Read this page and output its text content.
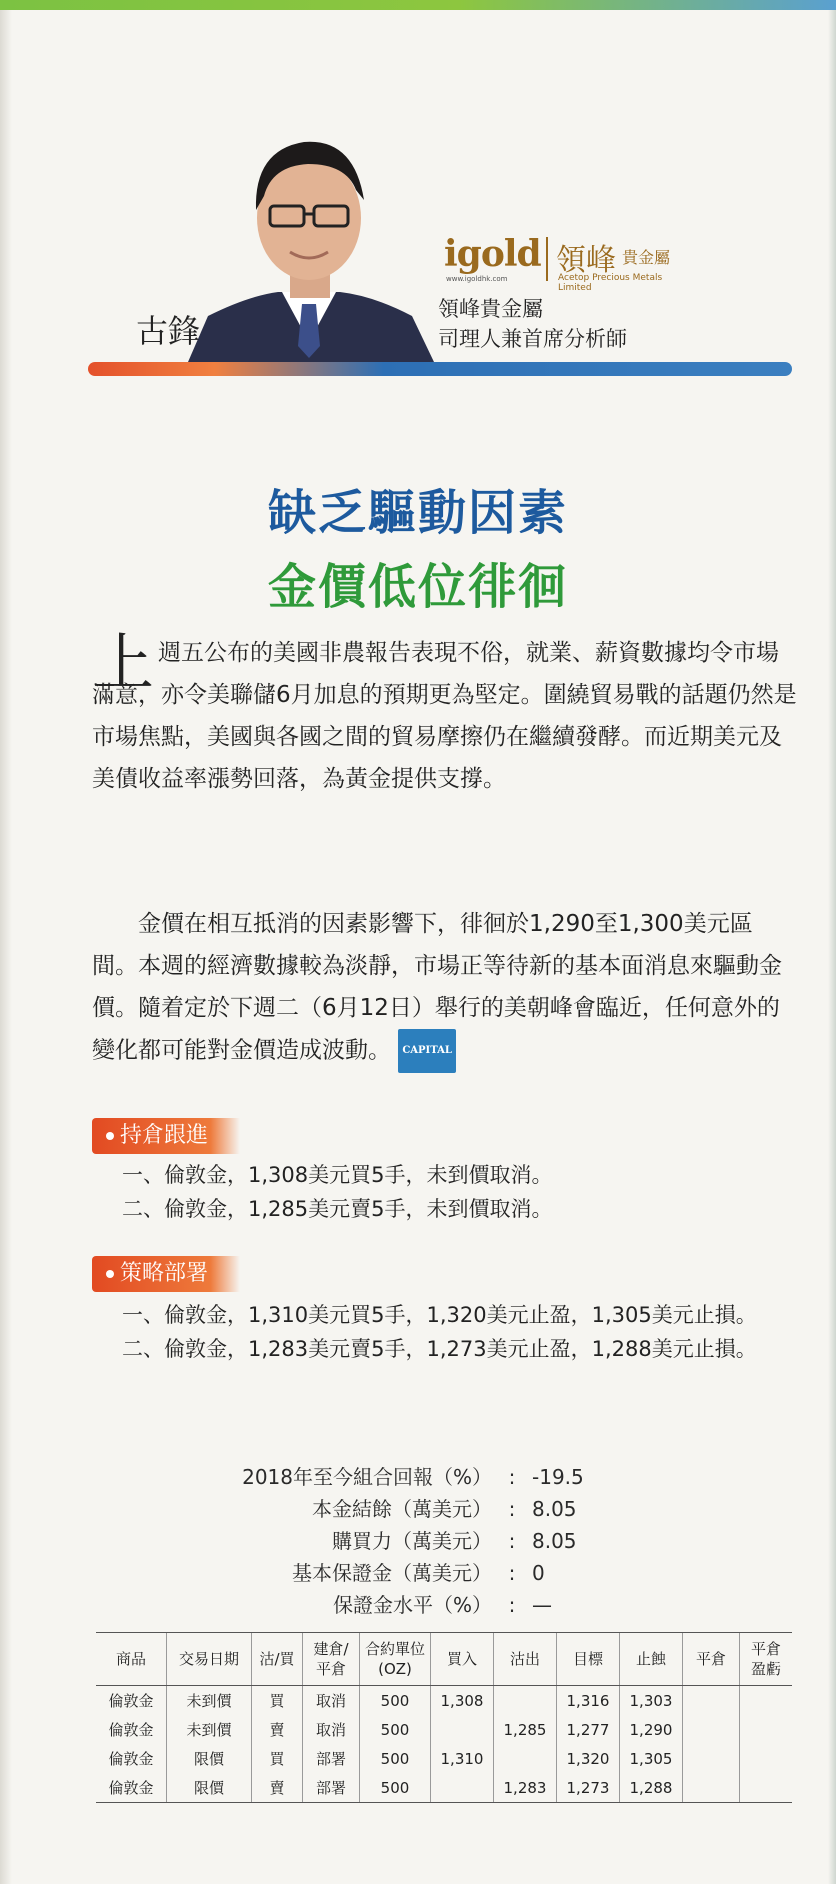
古鋒
igold
www.igoldhk.com
領峰 貴金屬
Acetop Precious Metals Limited
領峰貴金屬
司理人兼首席分析師
缺乏驅動因素
金價低位徘徊
上 週五公布的美國非農報告表現不俗，就業、薪資數據均令市場滿意，亦令美聯儲6月加息的預期更為堅定。圍繞貿易戰的話題仍然是市場焦點，美國與各國之間的貿易摩擦仍在繼續發酵。而近期美元及美債收益率漲勢回落，為黃金提供支撐。
金價在相互抵消的因素影響下，徘徊於1,290至1,300美元區間。本週的經濟數據較為淡靜，市場正等待新的基本面消息來驅動金價。隨着定於下週二（6月12日）舉行的美朝峰會臨近，任何意外的變化都可能對金價造成波動。 CAPITAL
持倉跟進
一、 倫敦金，1,308美元買5手，未到價取消。
二、 倫敦金，1,285美元賣5手，未到價取消。
策略部署
一、 倫敦金，1,310美元買5手，1,320美元止盈，1,305美元止損。
二、 倫敦金，1,283美元賣5手，1,273美元止盈，1,288美元止損。
2018年至今組合回報（%） : -19.5
本金結餘（萬美元） : 8.05
購買力（萬美元） : 8.05
基本保證金（萬美元） : 0
保證金水平（%） : —
商品	交易日期	沽/買	建倉/平倉	合約單位(OZ)	買入	沽出	目標	止蝕	平倉	平倉盈虧
倫敦金	未到價	買	取消	500	1,308		1,316	1,303		
倫敦金	未到價	賣	取消	500		1,285	1,277	1,290		
倫敦金	限價	買	部署	500	1,310		1,320	1,305		
倫敦金	限價	賣	部署	500		1,283	1,273	1,288		
